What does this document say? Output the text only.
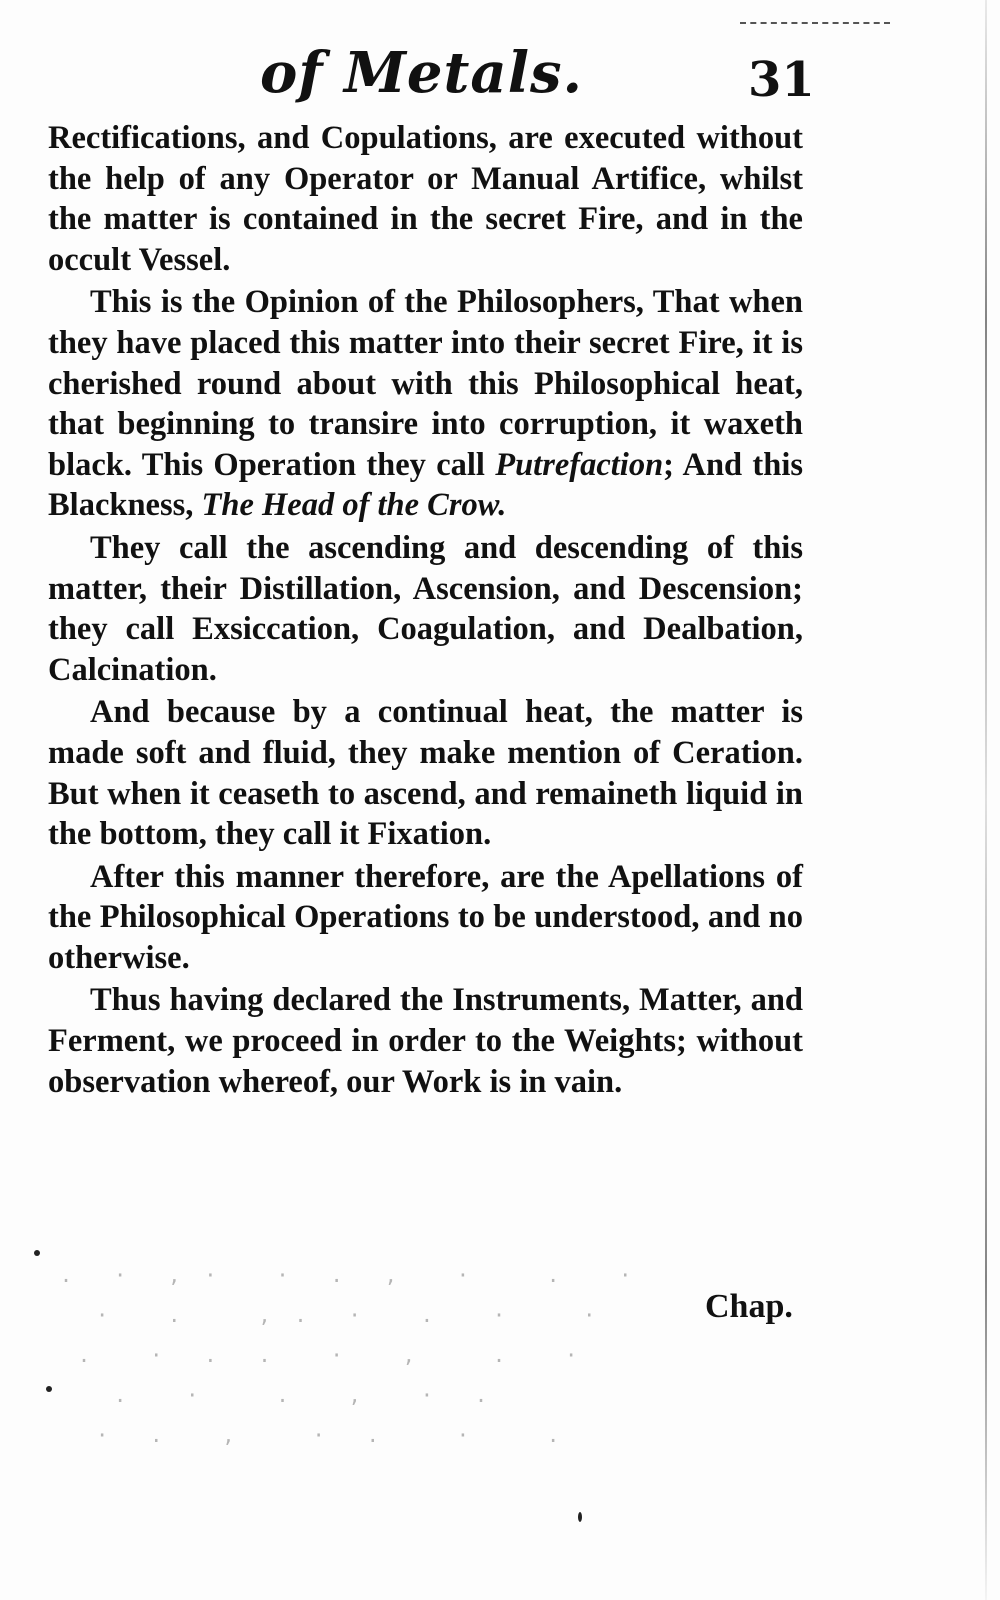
of Metals.	31

Rectifications, and Copulations, are executed without the help of any Operator or Manual Artifice, whilst the matter is contained in the secret Fire, and in the occult Vessel.

This is the Opinion of the Philosophers, That when they have placed this matter into their secret Fire, it is cherished round about with this Philosophical heat, that beginning to transire into corruption, it waxeth black. This Operation they call Putrefaction; And this Blackness, The Head of the Crow.

They call the ascending and descending of this matter, their Distillation, Ascension, and Descension; they call Exsiccation, Coagulation, and Dealbation, Calcination.

And because by a continual heat, the matter is made soft and fluid, they make mention of Ceration. But when it ceaseth to ascend, and remaineth liquid in the bottom, they call it Fixation.

After this manner therefore, are the Apellations of the Philosophical Operations to be understood, and no otherwise.

Thus having declared the Instruments, Matter, and Ferment, we proceed in order to the Weights; without observation whereof, our Work is in vain.

.  ·  ‚ ·   ·  .  ‚   ·    .   ·
·   .    ‚ .  ·   .   ·    ·
.   ·  .  .   ·   ‚    .   ·
.   ·    .   ‚   ·  .
·  .   ‚    ·  .    ·    .
Chap.
